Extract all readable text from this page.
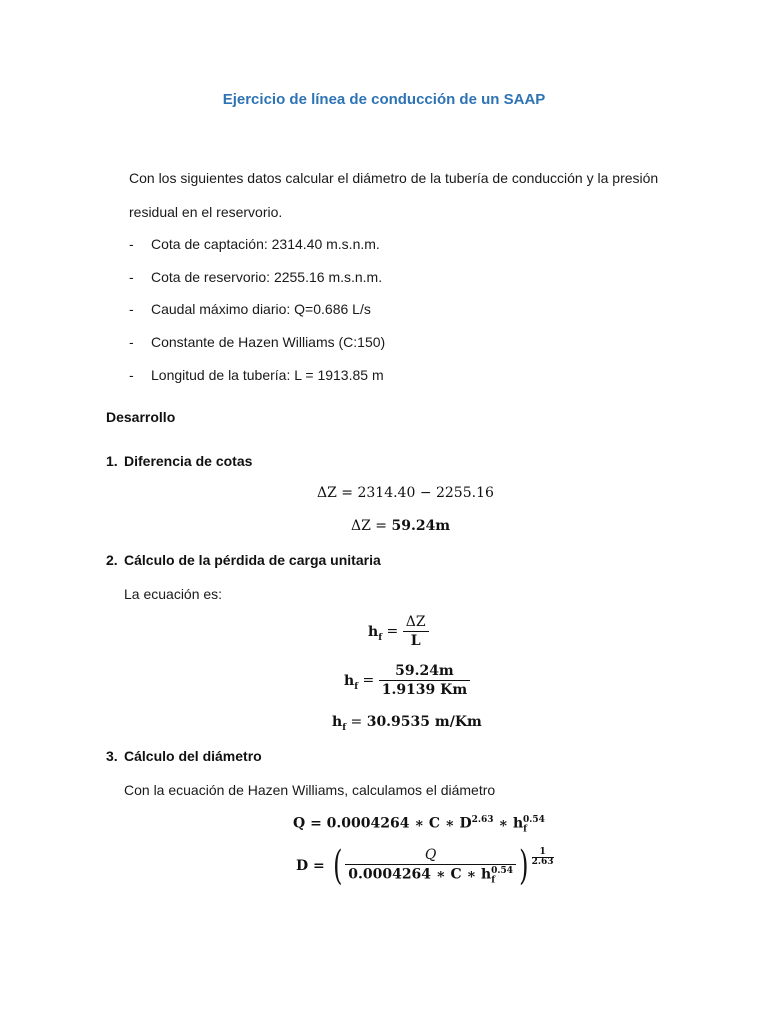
Ejercicio de línea de conducción de un SAAP
Con los siguientes datos calcular el diámetro de la tubería de conducción y la presión
residual en el reservorio.
- Cota de captación: 2314.40 m.s.n.m.
- Cota de reservorio: 2255.16 m.s.n.m.
- Caudal máximo diario: Q=0.686 L/s
- Constante de Hazen Williams (C:150)
- Longitud de la tubería: L = 1913.85 m
Desarrollo
1. Diferencia de cotas
ΔZ = 2314.40 − 2255.16
ΔZ = 59.24m
2. Cálculo de la pérdida de carga unitaria
La ecuación es:
$h_f = \frac{\Delta Z}{L}$
$h_f = \frac{59.24m}{1.9139 Km}$
$h_f = 30.9535$ m/Km
3. Cálculo del diámetro
Con la ecuación de Hazen Williams, calculamos el diámetro
Q = 0.0004264 ∗ C ∗ $D^{2.63}$ ∗ $h_f^{0.54}$
D = ( $\frac{Q}{0.0004264 ∗ C ∗ h_f^{0.54}}$ ) $\frac{1}{2.63}$
